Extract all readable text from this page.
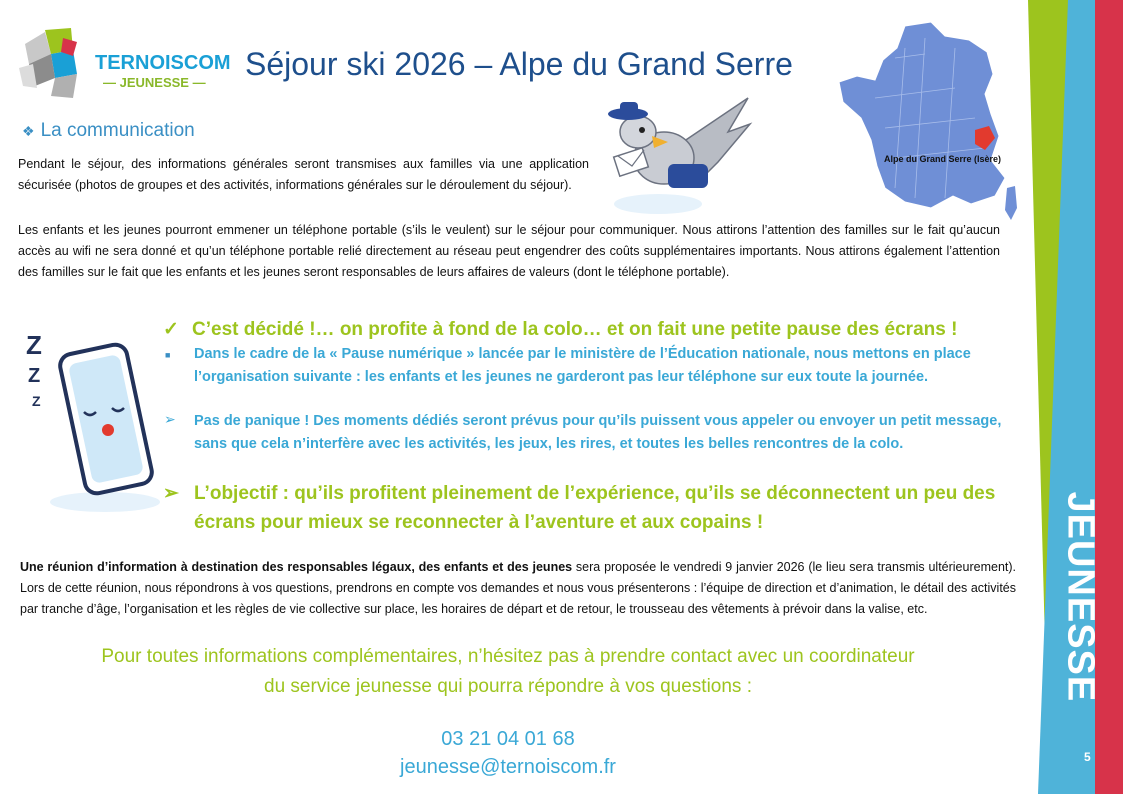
JEUNESSE
5
TERNOISCOM
— JEUNESSE —
Séjour ski 2026 – Alpe du Grand Serre
Alpe du Grand Serre (Isère)
❖ La communication
Pendant le séjour, des informations générales seront transmises aux familles via une application sécurisée (photos de groupes et des activités, informations générales sur le déroulement du séjour).
Les enfants et les jeunes pourront emmener un téléphone portable (s’ils le veulent) sur le séjour pour communiquer. Nous attirons l’attention des familles sur le fait qu’aucun accès au wifi ne sera donné et qu’un téléphone portable relié directement au réseau peut engendrer des coûts supplémentaires importants. Nous attirons également l’attention des familles sur le fait que les enfants et les jeunes seront responsables de leurs affaires de valeurs (dont le téléphone portable).
Z
Z
Z
✓ C’est décidé !… on profite à fond de la colo… et on fait une petite pause des écrans !
■ Dans le cadre de la « Pause numérique » lancée par le ministère de l’Éducation nationale, nous mettons en place l’organisation suivante : les enfants et les jeunes ne garderont pas leur téléphone sur eux toute la journée.
➢ Pas de panique ! Des moments dédiés seront prévus pour qu’ils puissent vous appeler ou envoyer un petit message, sans que cela n’interfère avec les activités, les jeux, les rires, et toutes les belles rencontres de la colo.
➢ L’objectif : qu’ils profitent pleinement de l’expérience, qu’ils se déconnectent un peu des écrans pour mieux se reconnecter à l’aventure et aux copains !
Une réunion d’information à destination des responsables légaux, des enfants et des jeunes sera proposée le vendredi 9 janvier 2026 (le lieu sera transmis ultérieurement). Lors de cette réunion, nous répondrons à vos questions, prendrons en compte vos demandes et nous vous présenterons : l’équipe de direction et d’animation, le détail des activités par tranche d’âge, l’organisation et les règles de vie collective sur place, les horaires de départ et de retour, le trousseau des vêtements à prévoir dans la valise, etc.
Pour toutes informations complémentaires, n’hésitez pas à prendre contact avec un coordinateur
du service jeunesse qui pourra répondre à vos questions :
03 21 04 01 68
jeunesse@ternoiscom.fr
